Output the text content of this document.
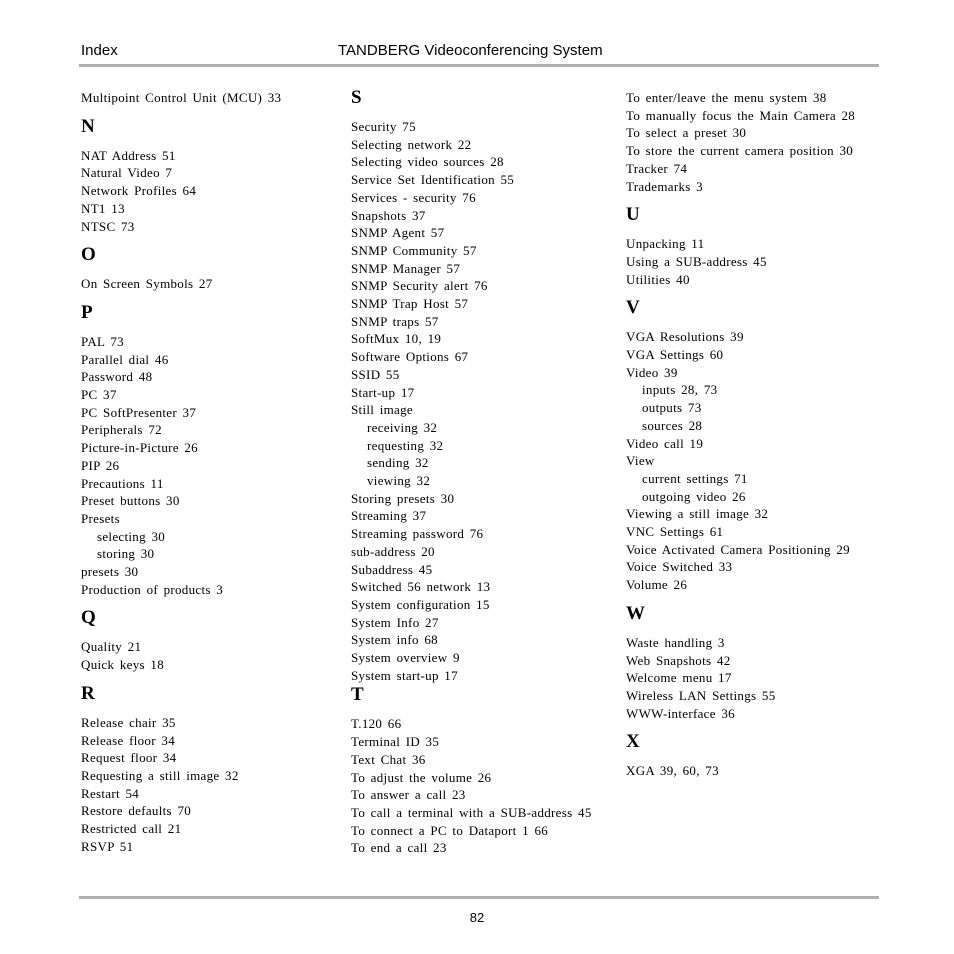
Index	TANDBERG Videoconferencing System
Multipoint Control Unit (MCU) 33
N
NAT Address 51
Natural Video 7
Network Profiles 64
NT1 13
NTSC 73
O
On Screen Symbols 27
P
PAL 73
Parallel dial 46
Password 48
PC 37
PC SoftPresenter 37
Peripherals 72
Picture-in-Picture 26
PIP 26
Precautions 11
Preset buttons 30
Presets
selecting 30
storing 30
presets 30
Production of products 3
Q
Quality 21
Quick keys 18
R
Release chair 35
Release floor 34
Request floor 34
Requesting a still image 32
Restart 54
Restore defaults 70
Restricted call 21
RSVP 51
S
Security 75
Selecting network 22
Selecting video sources 28
Service Set Identification 55
Services - security 76
Snapshots 37
SNMP Agent 57
SNMP Community 57
SNMP Manager 57
SNMP Security alert 76
SNMP Trap Host 57
SNMP traps 57
SoftMux 10, 19
Software Options 67
SSID 55
Start-up 17
Still image
receiving 32
requesting 32
sending 32
viewing 32
Storing presets 30
Streaming 37
Streaming password 76
sub-address 20
Subaddress 45
Switched 56 network 13
System configuration 15
System Info 27
System info 68
System overview 9
System start-up 17
T
T.120 66
Terminal ID 35
Text Chat 36
To adjust the volume 26
To answer a call 23
To call a terminal with a SUB-address 45
To connect a PC to Dataport 1 66
To end a call 23
To enter/leave the menu system 38
To manually focus the Main Camera 28
To select a preset 30
To store the current camera position 30
Tracker 74
Trademarks 3
U
Unpacking 11
Using a SUB-address 45
Utilities 40
V
VGA Resolutions 39
VGA Settings 60
Video 39
inputs 28, 73
outputs 73
sources 28
Video call 19
View
current settings 71
outgoing video 26
Viewing a still image 32
VNC Settings 61
Voice Activated Camera Positioning 29
Voice Switched 33
Volume 26
W
Waste handling 3
Web Snapshots 42
Welcome menu 17
Wireless LAN Settings 55
WWW-interface 36
X
XGA 39, 60, 73
82
